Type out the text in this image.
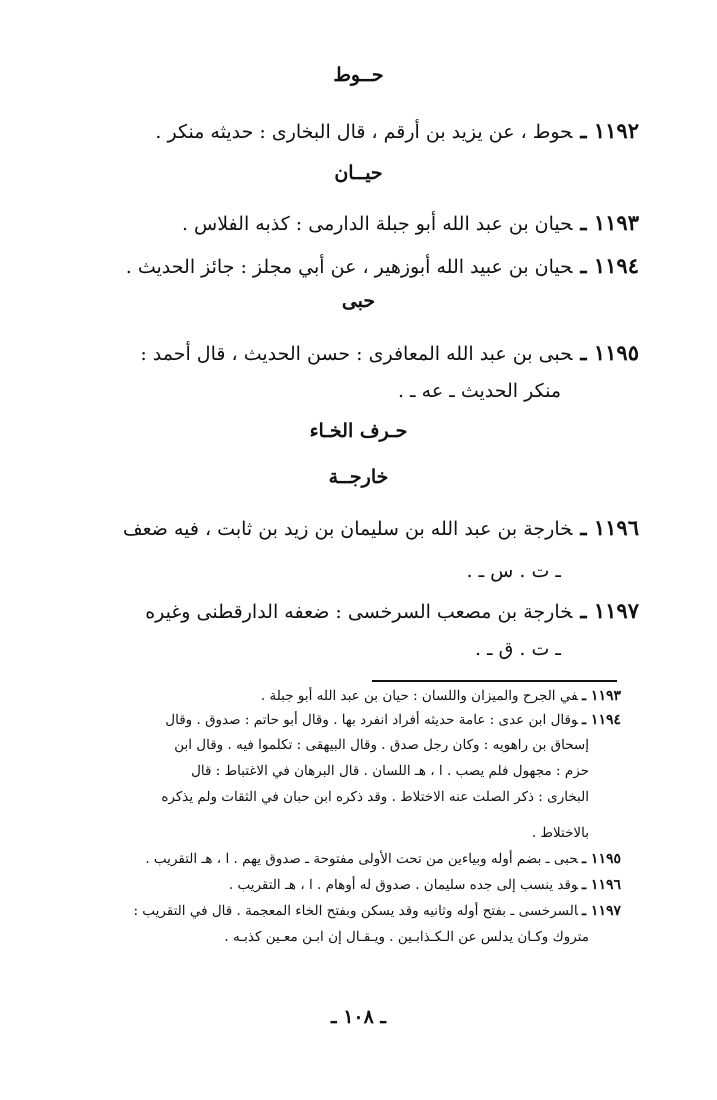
حــوط
١١٩٢ ـحوط ، عن يزيد بن أرقم ، قال البخارى : حديثه منكر .
حيــان
١١٩٣ ـحيان بن عبد الله أبو جبلة الدارمى : كذبه الفلاس .
١١٩٤ ـحيان بن عبيد الله أبوزهير ، عن أبي مجلز : جائز الحديث .
حبى
١١٩٥ ـحبى بن عبد الله المعافرى : حسن الحديث ، قال أحمد :
منكر الحديث ـ عه ـ .
حـرف الخـاء
خارجــة
١١٩٦ ـخارجة بن عبد الله بن سليمان بن زيد بن ثابت ، فيه ضعف
ـ ت . س ـ .
١١٩٧ ـخارجة بن مصعب السرخسى : ضعفه الدارقطنى وغيره
ـ ت . ق ـ .
١١٩٣ ـفي الجرح والميزان واللسان : حيان بن عبد الله أبو جبلة .
١١٩٤ ـوقال ابن عدى : عامة حديثه أفراد انفرد بها . وقال أبو حاتم : صدوق . وقال
إسحاق بن راهويه : وكان رجل صدق . وقال البيهقى : تكلموا فيه . وقال ابن
حزم : مجهول فلم يصب . ا ، هـ اللسان . قال البرهان في الاغتباط : قال
البخارى : ذكر الصلت عنه الاختلاط . وقد ذكره ابن حبان في الثقات ولم يذكره
بالاختلاط .
١١٩٥ ـحبى ـ بضم أوله وبياءين من تحت الأولى مفتوحة ـ صدوق يهم . ا ، هـ التقريب .
١١٩٦ ـوقد ينسب إلى جده سليمان . صدوق له أوهام . ا ، هـ التقريب .
١١٩٧ ـالسرخسى ـ بفتح أوله وثانيه وقد يسكن وبفتح الخاء المعجمة . قال في التقريب :
متروك وكـان يدلس عن الـكـذابـين . ويـقـال إن ابـن معـين كذبـه .
ـ ١٠٨ ـ
